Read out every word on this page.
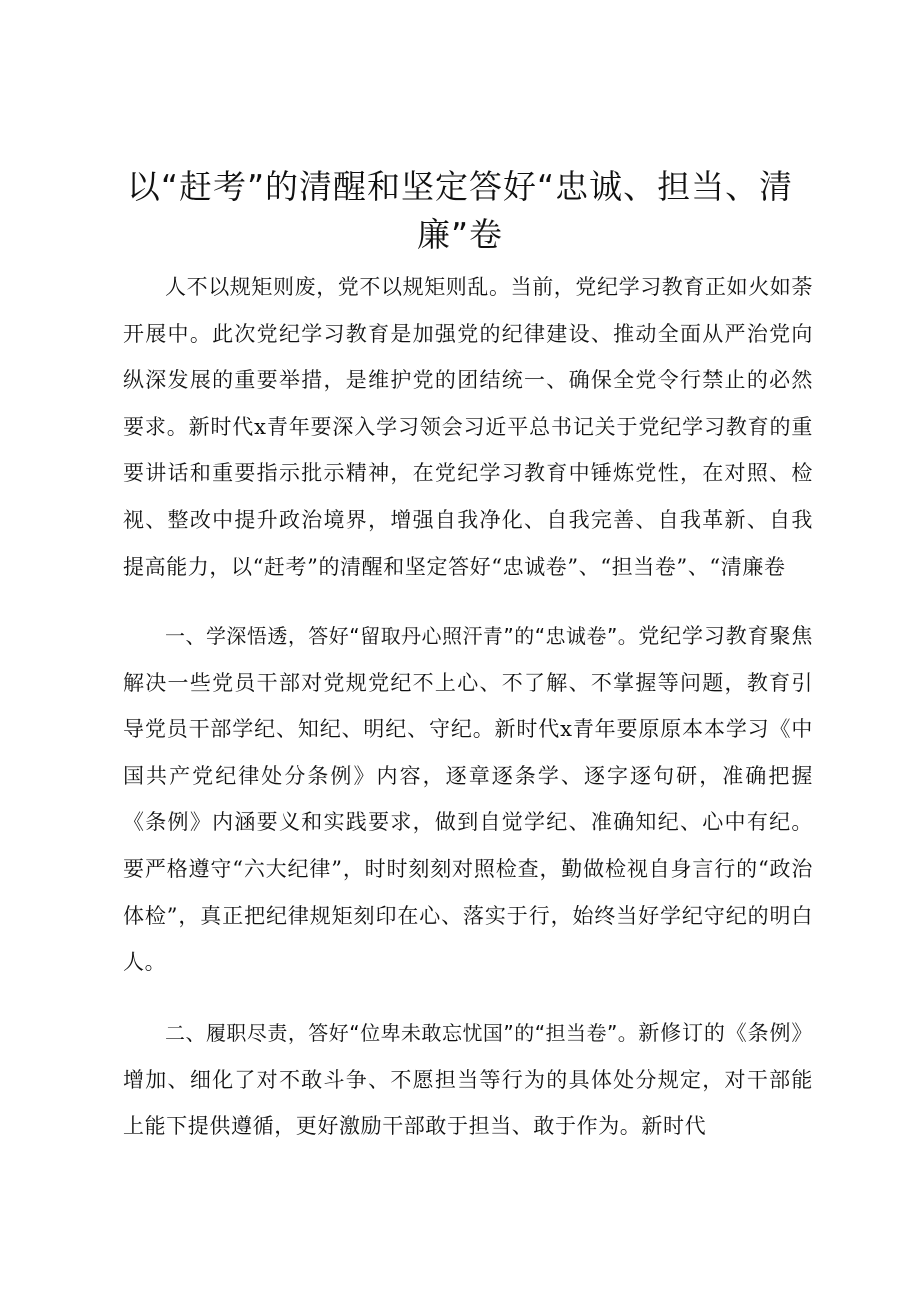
以“赶考”的清醒和坚定答好“忠诚、担当、清廉”卷

人不以规矩则废，党不以规矩则乱。当前，党纪学习教育正如火如荼开展中。此次党纪学习教育是加强党的纪律建设、推动全面从严治党向纵深发展的重要举措，是维护党的团结统一、确保全党令行禁止的必然要求。新时代x青年要深入学习领会习近平总书记关于党纪学习教育的重要讲话和重要指示批示精神，在党纪学习教育中锤炼党性，在对照、检视、整改中提升政治境界，增强自我净化、自我完善、自我革新、自我提高能力，以“赶考”的清醒和坚定答好“忠诚卷”、“担当卷”、“清廉卷

一、学深悟透，答好“留取丹心照汗青”的“忠诚卷”。党纪学习教育聚焦解决一些党员干部对党规党纪不上心、不了解、不掌握等问题，教育引导党员干部学纪、知纪、明纪、守纪。新时代x青年要原原本本学习《中国共产党纪律处分条例》内容，逐章逐条学、逐字逐句研，准确把握《条例》内涵要义和实践要求，做到自觉学纪、准确知纪、心中有纪。要严格遵守“六大纪律”，时时刻刻对照检查，勤做检视自身言行的“政治体检”，真正把纪律规矩刻印在心、落实于行，始终当好学纪守纪的明白人。

二、履职尽责，答好“位卑未敢忘忧国”的“担当卷”。新修订的《条例》增加、细化了对不敢斗争、不愿担当等行为的具体处分规定，对干部能上能下提供遵循，更好激励干部敢于担当、敢于作为。新时代
